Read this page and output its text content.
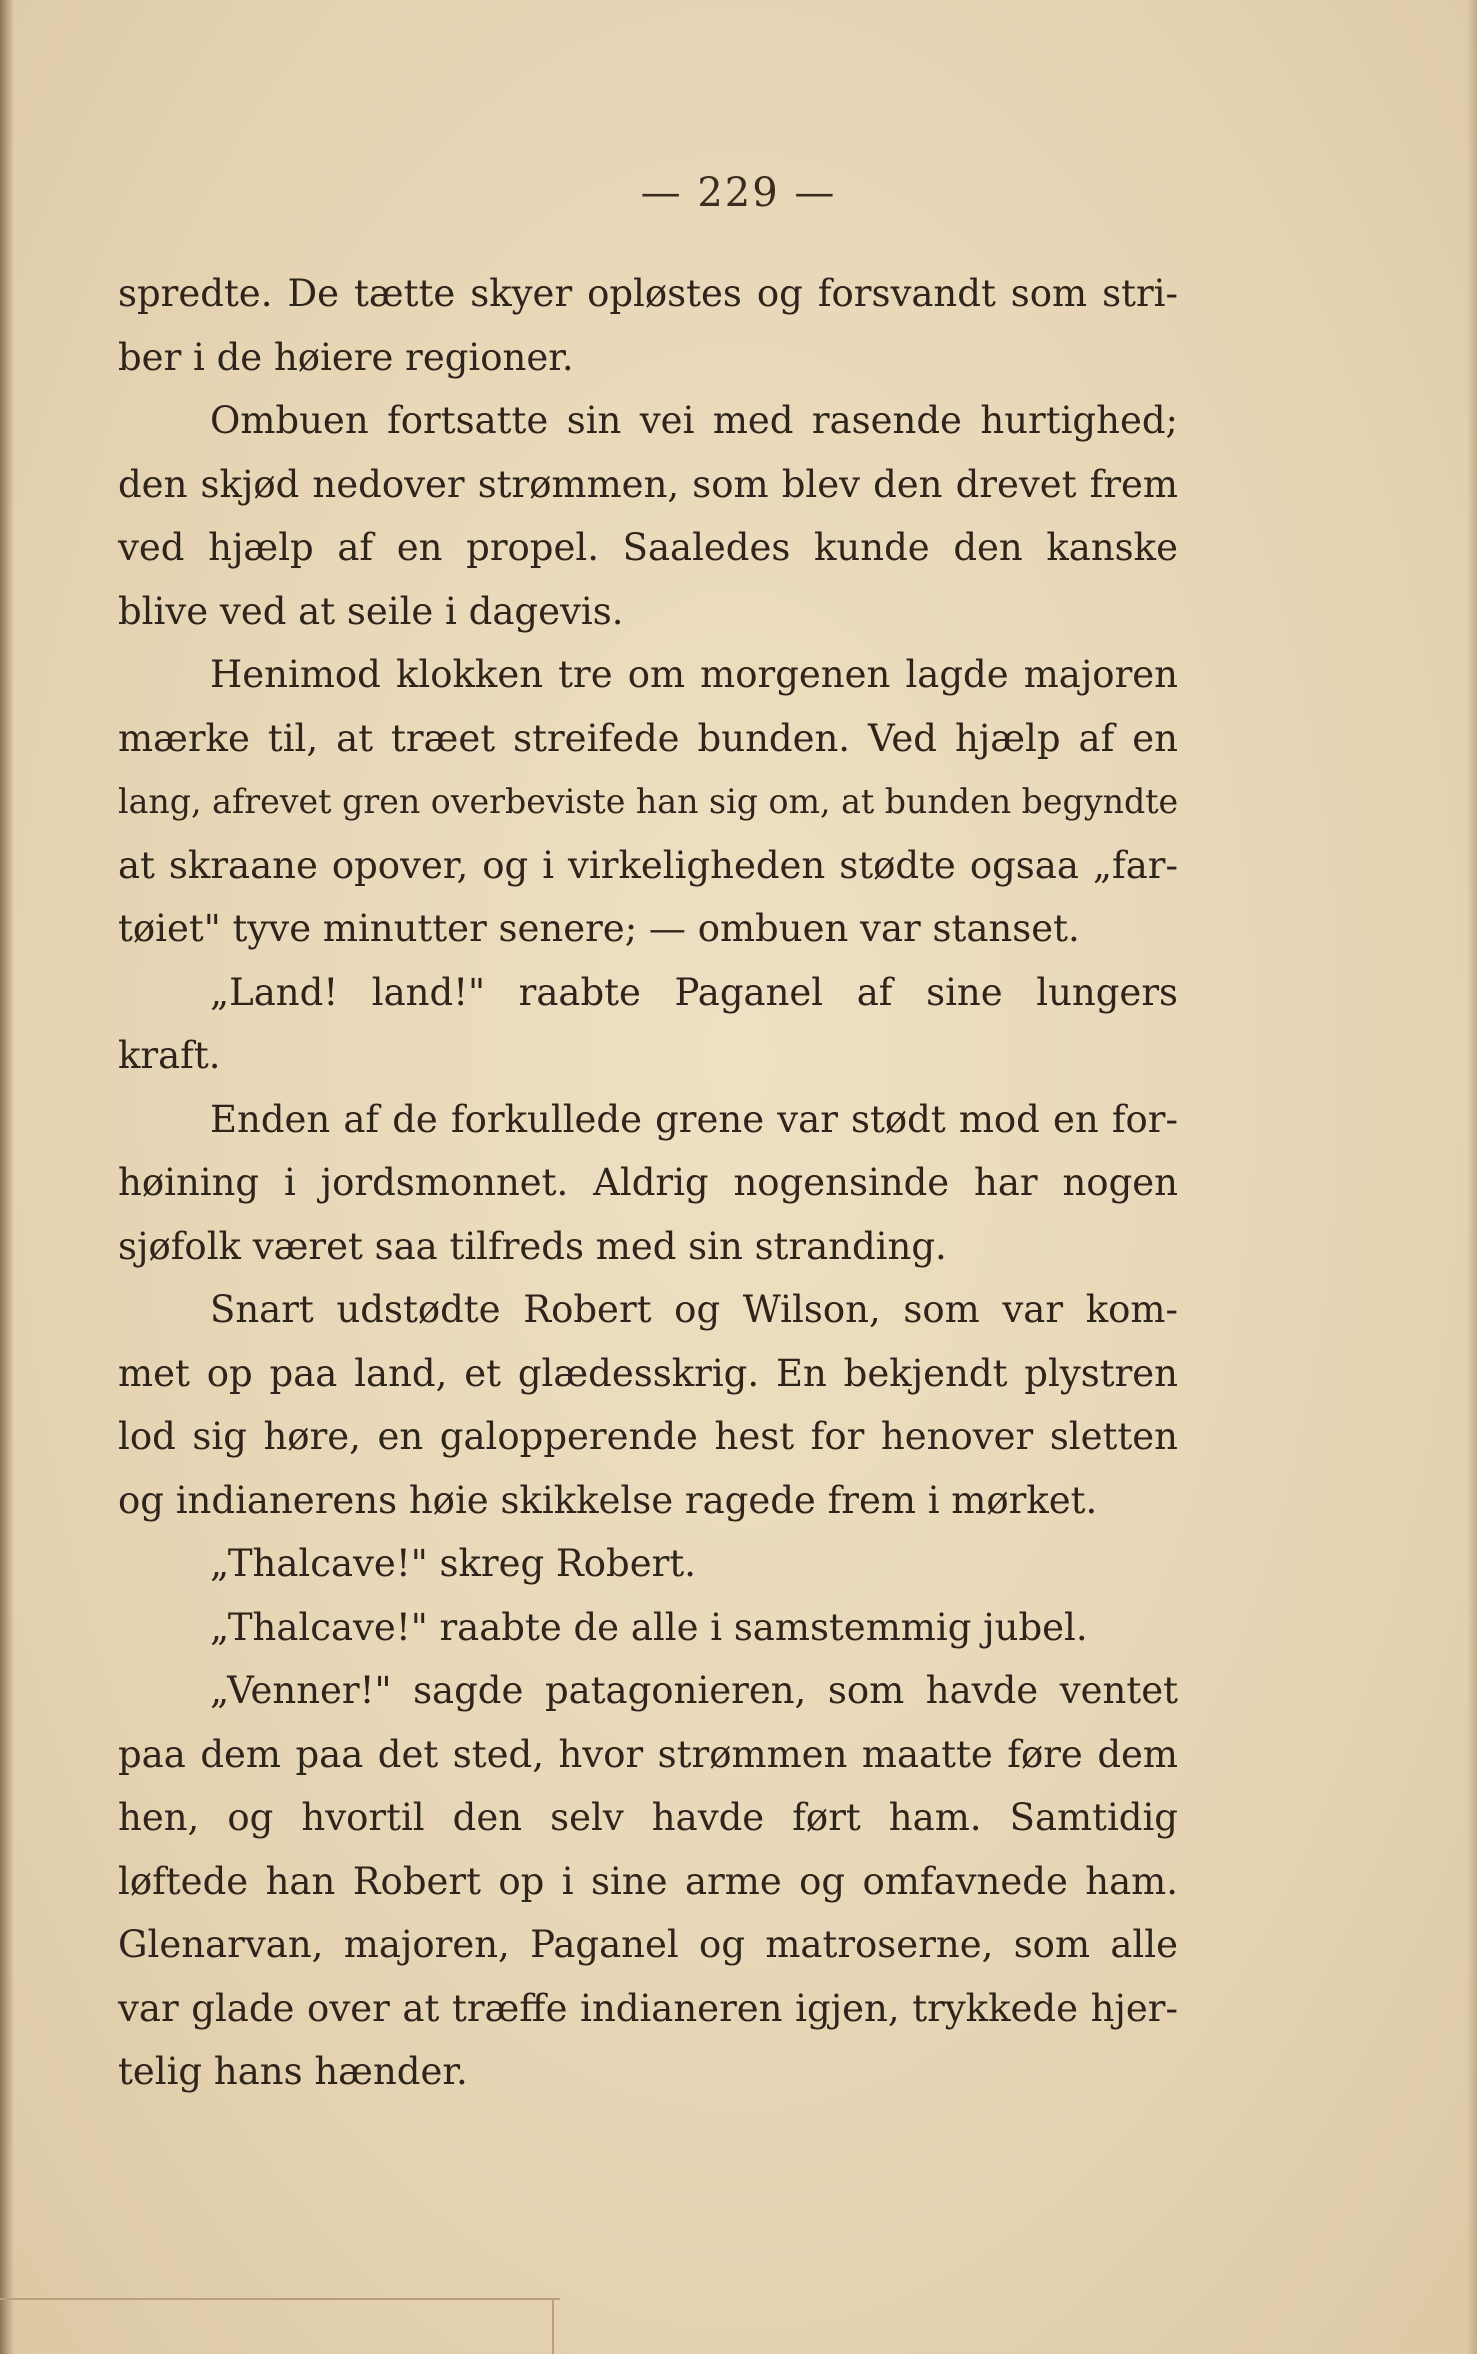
— 229 —
spredte. De tætte skyer opløstes og forsvandt som stri-
ber i de høiere regioner.
Ombuen fortsatte sin vei med rasende hurtighed;
den skjød nedover strømmen, som blev den drevet frem
ved hjælp af en propel. Saaledes kunde den kanske
blive ved at seile i dagevis.
Henimod klokken tre om morgenen lagde majoren
mærke til, at træet streifede bunden. Ved hjælp af en
lang, afrevet gren overbeviste han sig om, at bunden begyndte
at skraane opover, og i virkeligheden stødte ogsaa „far-
tøiet" tyve minutter senere; — ombuen var stanset.
„Land! land!" raabte Paganel af sine lungers
kraft.
Enden af de forkullede grene var stødt mod en for-
høining i jordsmonnet. Aldrig nogensinde har nogen
sjøfolk været saa tilfreds med sin stranding.
Snart udstødte Robert og Wilson, som var kom-
met op paa land, et glædesskrig. En bekjendt plystren
lod sig høre, en galopperende hest for henover sletten
og indianerens høie skikkelse ragede frem i mørket.
„Thalcave!" skreg Robert.
„Thalcave!" raabte de alle i samstemmig jubel.
„Venner!" sagde patagonieren, som havde ventet
paa dem paa det sted, hvor strømmen maatte føre dem
hen, og hvortil den selv havde ført ham. Samtidig
løftede han Robert op i sine arme og omfavnede ham.
Glenarvan, majoren, Paganel og matroserne, som alle
var glade over at træffe indianeren igjen, trykkede hjer-
telig hans hænder.
